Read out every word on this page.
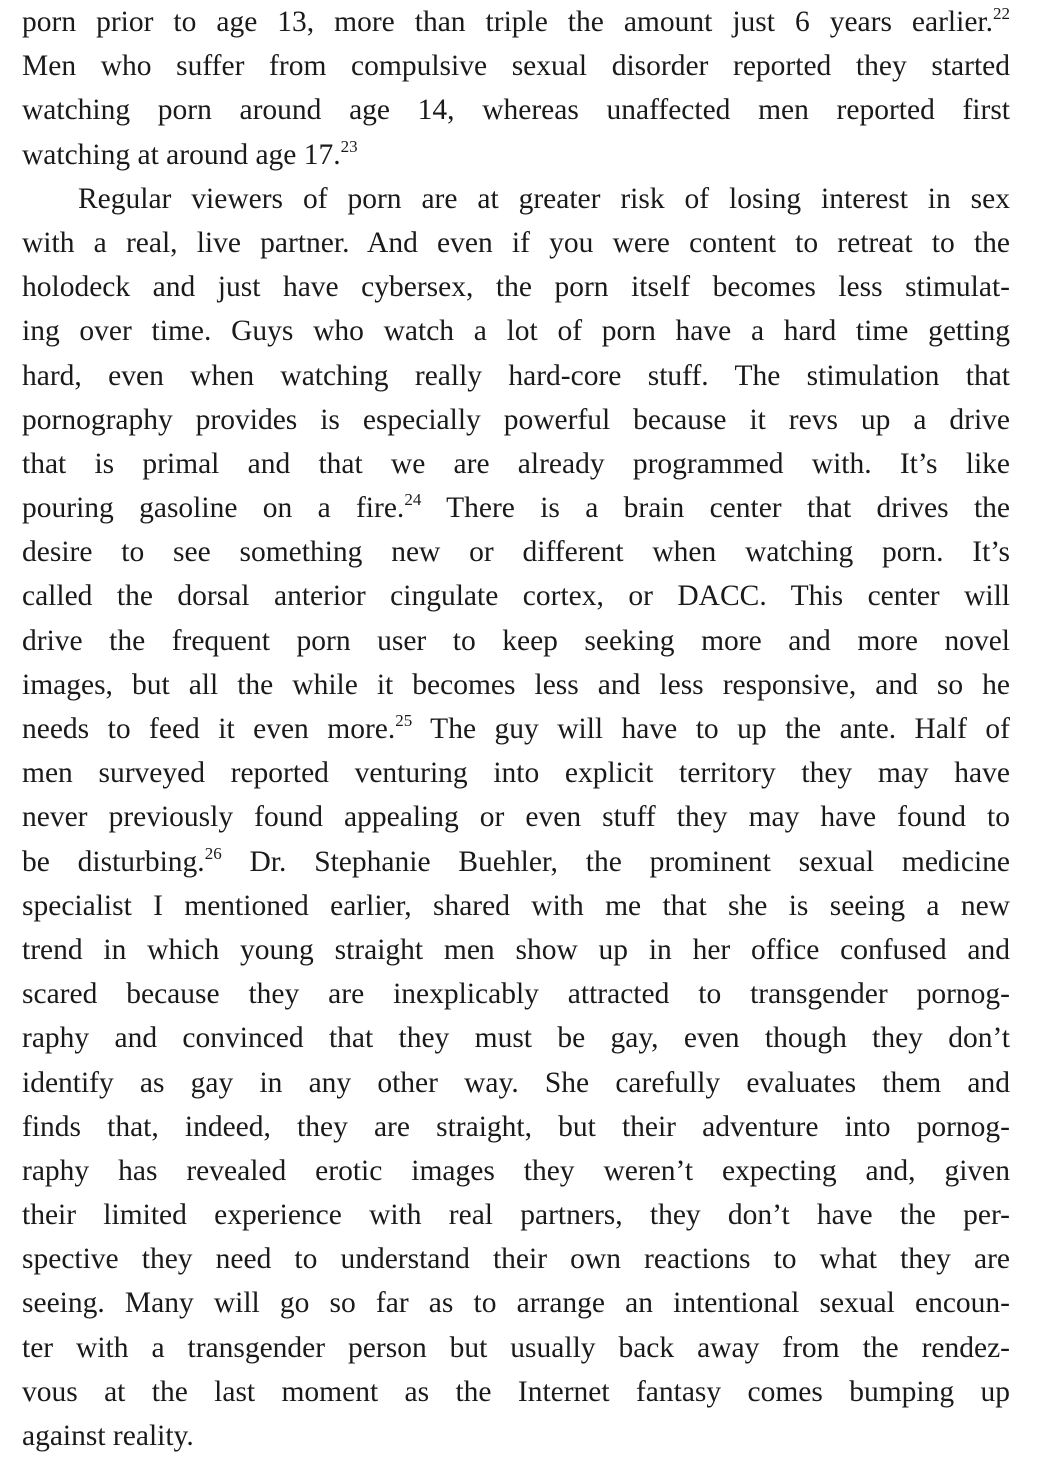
porn prior to age 13, more than triple the amount just 6 years earlier.$^{22}$
Men who suffer from compulsive sexual disorder reported they started
watching porn around age 14, whereas unaffected men reported first
watching at around age 17.23
Regular viewers of porn are at greater risk of losing interest in sex
with a real, live partner. And even if you were content to retreat to the
holodeck and just have cybersex, the porn itself becomes less stimulat-
ing over time. Guys who watch a lot of porn have a hard time getting
hard, even when watching really hard-core stuff. The stimulation that
pornography provides is especially powerful because it revs up a drive
that is primal and that we are already programmed with. It’s like
pouring gasoline on a fire.$^{24}$ There is a brain center that drives the
desire to see something new or different when watching porn. It’s
called the dorsal anterior cingulate cortex, or DACC. This center will
drive the frequent porn user to keep seeking more and more novel
images, but all the while it becomes less and less responsive, and so he
needs to feed it even more.$^{25}$ The guy will have to up the ante. Half of
men surveyed reported venturing into explicit territory they may have
never previously found appealing or even stuff they may have found to
be disturbing.$^{26}$ Dr. Stephanie Buehler, the prominent sexual medicine
specialist I mentioned earlier, shared with me that she is seeing a new
trend in which young straight men show up in her office confused and
scared because they are inexplicably attracted to transgender pornog-
raphy and convinced that they must be gay, even though they don’t
identify as gay in any other way. She carefully evaluates them and
finds that, indeed, they are straight, but their adventure into pornog-
raphy has revealed erotic images they weren’t expecting and, given
their limited experience with real partners, they don’t have the per-
spective they need to understand their own reactions to what they are
seeing. Many will go so far as to arrange an intentional sexual encoun-
ter with a transgender person but usually back away from the rendez-
vous at the last moment as the Internet fantasy comes bumping up
against reality.
